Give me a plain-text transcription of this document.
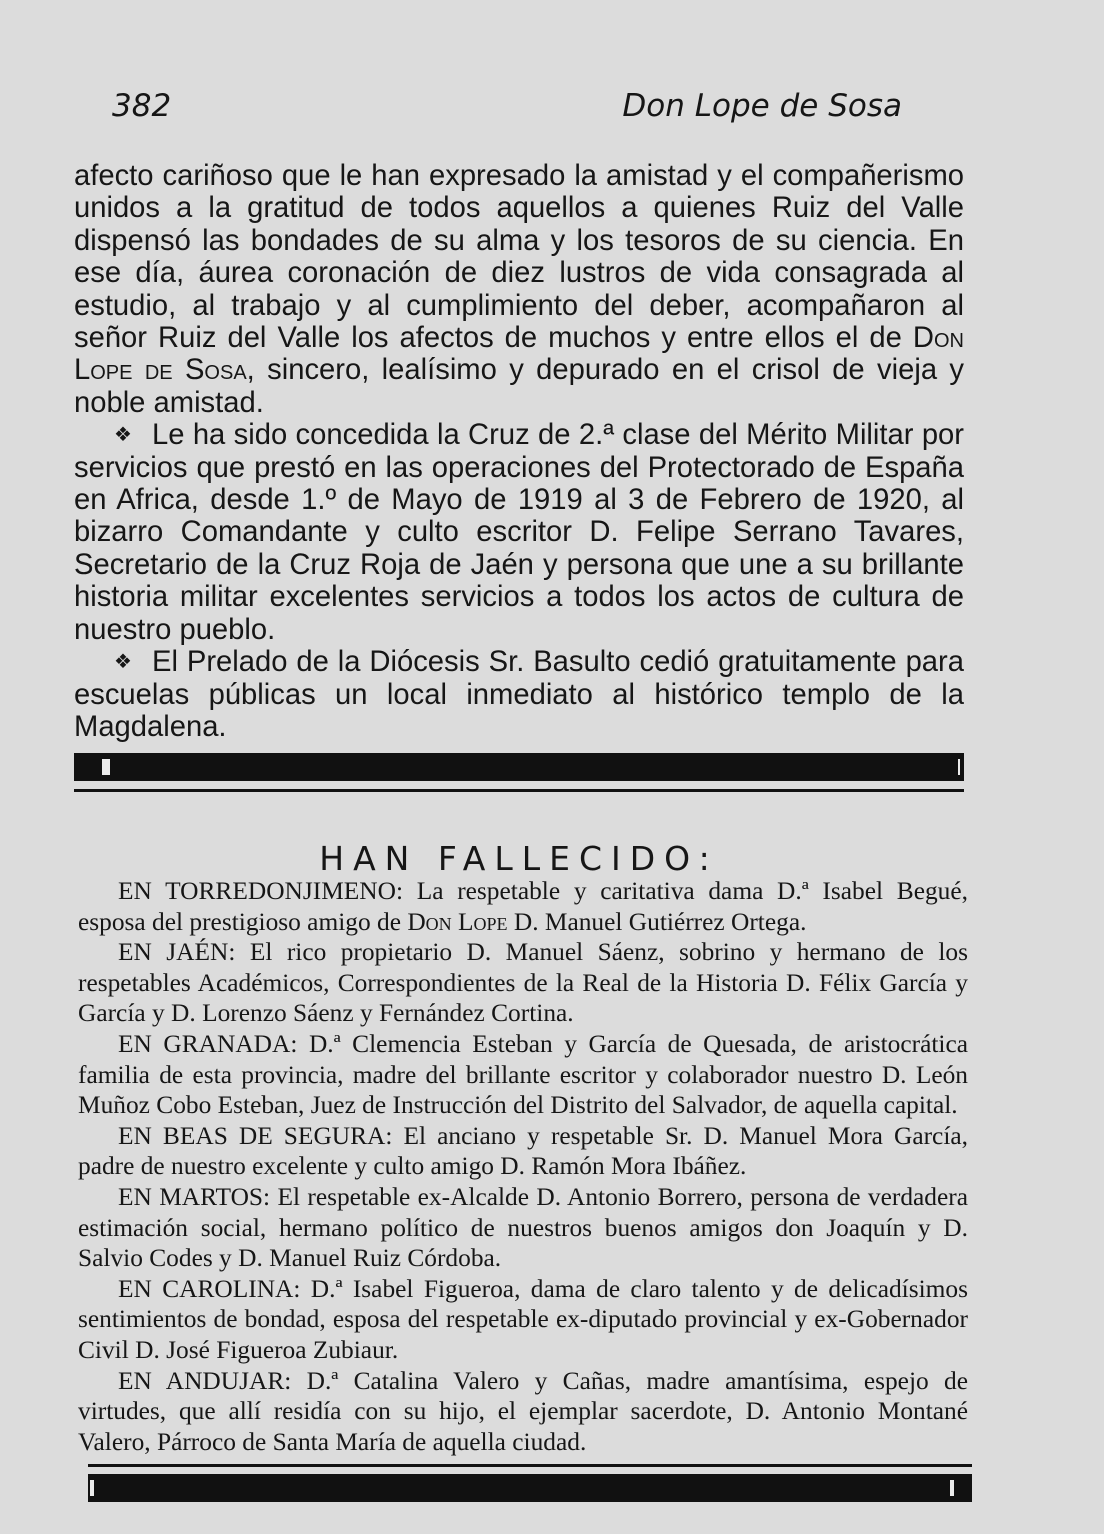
382	Don Lope de Sosa

afecto cariñoso que le han expresado la amistad y el compañerismo unidos a la gratitud de todos aquellos a quienes Ruiz del Valle dispensó las bondades de su alma y los tesoros de su ciencia. En ese día, áurea coronación de diez lustros de vida consagrada al estudio, al trabajo y al cumplimiento del deber, acompañaron al señor Ruiz del Valle los afectos de muchos y entre ellos el de Don Lope de Sosa, sincero, lealísimo y depurado en el crisol de vieja y noble amistad.

❖ Le ha sido concedida la Cruz de 2.ª clase del Mérito Militar por servicios que prestó en las operaciones del Protectorado de España en Africa, desde 1.º de Mayo de 1919 al 3 de Febrero de 1920, al bizarro Comandante y culto escritor D. Felipe Serrano Tavares, Secretario de la Cruz Roja de Jaén y persona que une a su brillante historia militar excelentes servicios a todos los actos de cultura de nuestro pueblo.

❖ El Prelado de la Diócesis Sr. Basulto cedió gratuitamente para escuelas públicas un local inmediato al histórico templo de la Magdalena.

HAN FALLECIDO:

EN TORREDONJIMENO: La respetable y caritativa dama D.ª Isabel Begué, esposa del prestigioso amigo de Don Lope D. Manuel Gutiérrez Ortega.

EN JAÉN: El rico propietario D. Manuel Sáenz, sobrino y hermano de los respetables Académicos, Correspondientes de la Real de la Historia D. Félix García y García y D. Lorenzo Sáenz y Fernández Cortina.

EN GRANADA: D.ª Clemencia Esteban y García de Quesada, de aristocrática familia de esta provincia, madre del brillante escritor y colaborador nuestro D. León Muñoz Cobo Esteban, Juez de Instrucción del Distrito del Salvador, de aquella capital.

EN BEAS DE SEGURA: El anciano y respetable Sr. D. Manuel Mora García, padre de nuestro excelente y culto amigo D. Ramón Mora Ibáñez.

EN MARTOS: El respetable ex-Alcalde D. Antonio Borrero, persona de verdadera estimación social, hermano político de nuestros buenos amigos don Joaquín y D. Salvio Codes y D. Manuel Ruiz Córdoba.

EN CAROLINA: D.ª Isabel Figueroa, dama de claro talento y de delicadísimos sentimientos de bondad, esposa del respetable ex-diputado provincial y ex-Gobernador Civil D. José Figueroa Zubiaur.

EN ANDUJAR: D.ª Catalina Valero y Cañas, madre amantísima, espejo de virtudes, que allí residía con su hijo, el ejemplar sacerdote, D. Antonio Montané Valero, Párroco de Santa María de aquella ciudad.
